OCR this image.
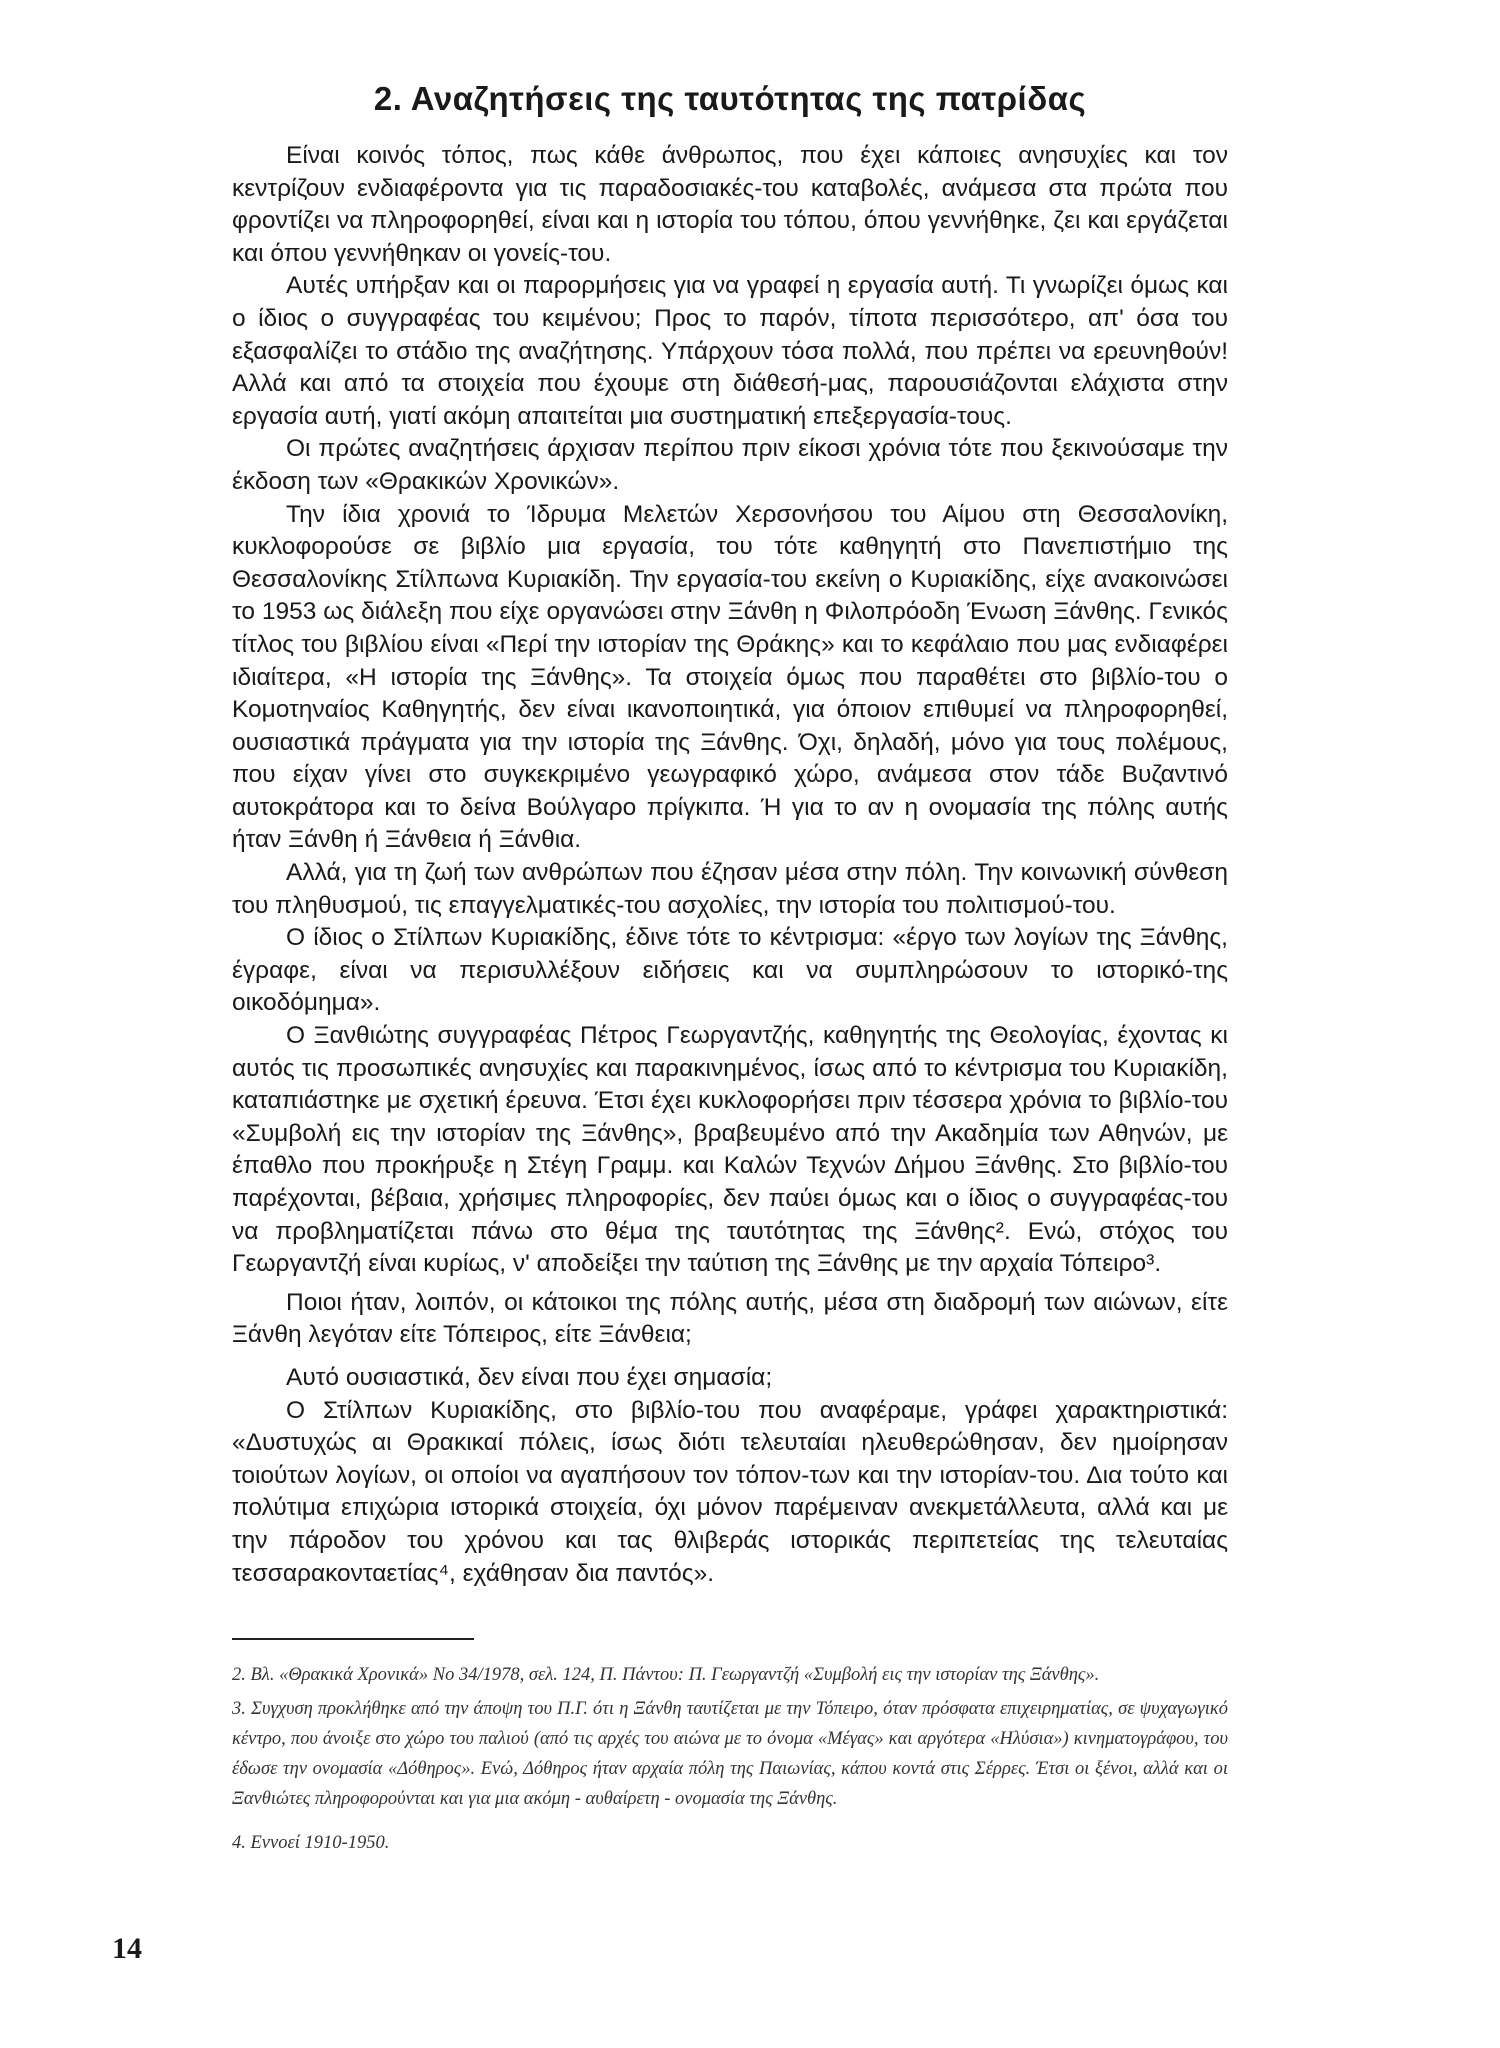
2. Αναζητήσεις της ταυτότητας της πατρίδας

Είναι κοινός τόπος, πως κάθε άνθρωπος, που έχει κάποιες ανησυχίες και τον κεντρίζουν ενδιαφέροντα για τις παραδοσιακές-του καταβολές, ανάμεσα στα πρώτα που φροντίζει να πληροφορηθεί, είναι και η ιστορία του τόπου, όπου γεννήθηκε, ζει και εργάζεται και όπου γεννήθηκαν οι γονείς-του.

Αυτές υπήρξαν και οι παρορμήσεις για να γραφεί η εργασία αυτή. Τι γνωρίζει όμως και ο ίδιος ο συγγραφέας του κειμένου; Προς το παρόν, τίποτα περισσότερο, απ' όσα του εξασφαλίζει το στάδιο της αναζήτησης. Υπάρχουν τόσα πολλά, που πρέπει να ερευνηθούν! Αλλά και από τα στοιχεία που έχουμε στη διάθεσή-μας, παρουσιάζονται ελάχιστα στην εργασία αυτή, γιατί ακόμη απαιτείται μια συστηματική επεξεργασία-τους.

Οι πρώτες αναζητήσεις άρχισαν περίπου πριν είκοσι χρόνια τότε που ξεκινούσαμε την έκδοση των «Θρακικών Χρονικών».

Την ίδια χρονιά το Ίδρυμα Μελετών Χερσονήσου του Αίμου στη Θεσσαλονίκη, κυκλοφορούσε σε βιβλίο μια εργασία, του τότε καθηγητή στο Πανεπιστήμιο της Θεσσαλονίκης Στίλπωνα Κυριακίδη. Την εργασία-του εκείνη ο Κυριακίδης, είχε ανακοινώσει το 1953 ως διάλεξη που είχε οργανώσει στην Ξάνθη η Φιλοπρόοδη Ένωση Ξάνθης. Γενικός τίτλος του βιβλίου είναι «Περί την ιστορίαν της Θράκης» και το κεφάλαιο που μας ενδιαφέρει ιδιαίτερα, «Η ιστορία της Ξάνθης». Τα στοιχεία όμως που παραθέτει στο βιβλίο-του ο Κομοτηναίος Καθηγητής, δεν είναι ικανοποιητικά, για όποιον επιθυμεί να πληροφορηθεί, ουσιαστικά πράγματα για την ιστορία της Ξάνθης. Όχι, δηλαδή, μόνο για τους πολέμους, που είχαν γίνει στο συγκεκριμένο γεωγραφικό χώρο, ανάμεσα στον τάδε Βυζαντινό αυτοκράτορα και το δείνα Βούλγαρο πρίγκιπα. Ή για το αν η ονομασία της πόλης αυτής ήταν Ξάνθη ή Ξάνθεια ή Ξάνθια.

Αλλά, για τη ζωή των ανθρώπων που έζησαν μέσα στην πόλη. Την κοινωνική σύνθεση του πληθυσμού, τις επαγγελματικές-του ασχολίες, την ιστορία του πολιτισμού-του.

Ο ίδιος ο Στίλπων Κυριακίδης, έδινε τότε το κέντρισμα: «έργο των λογίων της Ξάνθης, έγραφε, είναι να περισυλλέξουν ειδήσεις και να συμπληρώσουν το ιστορικό-της οικοδόμημα».

Ο Ξανθιώτης συγγραφέας Πέτρος Γεωργαντζής, καθηγητής της Θεολογίας, έχοντας κι αυτός τις προσωπικές ανησυχίες και παρακινημένος, ίσως από το κέντρισμα του Κυριακίδη, καταπιάστηκε με σχετική έρευνα. Έτσι έχει κυκλοφορήσει πριν τέσσερα χρόνια το βιβλίο-του «Συμβολή εις την ιστορίαν της Ξάνθης», βραβευμένο από την Ακαδημία των Αθηνών, με έπαθλο που προκήρυξε η Στέγη Γραμμ. και Καλών Τεχνών Δήμου Ξάνθης. Στο βιβλίο-του παρέχονται, βέβαια, χρήσιμες πληροφορίες, δεν παύει όμως και ο ίδιος ο συγγραφέας-του να προβληματίζεται πάνω στο θέμα της ταυτότητας της Ξάνθης². Ενώ, στόχος του Γεωργαντζή είναι κυρίως, ν' αποδείξει την ταύτιση της Ξάνθης με την αρχαία Τόπειρο³.

Ποιοι ήταν, λοιπόν, οι κάτοικοι της πόλης αυτής, μέσα στη διαδρομή των αιώνων, είτε Ξάνθη λεγόταν είτε Τόπειρος, είτε Ξάνθεια;

Αυτό ουσιαστικά, δεν είναι που έχει σημασία;

Ο Στίλπων Κυριακίδης, στο βιβλίο-του που αναφέραμε, γράφει χαρακτηριστικά: «Δυστυχώς αι Θρακικαί πόλεις, ίσως διότι τελευταίαι ηλευθερώθησαν, δεν ημοίρησαν τοιούτων λογίων, οι οποίοι να αγαπήσουν τον τόπον-των και την ιστορίαν-του. Δια τούτο και πολύτιμα επιχώρια ιστορικά στοιχεία, όχι μόνον παρέμειναν ανεκμετάλλευτα, αλλά και με την πάροδον του χρόνου και τας θλιβεράς ιστορικάς περιπετείας της τελευταίας τεσσαρακονταετίας⁴, εχάθησαν δια παντός».

2. Βλ. «Θρακικά Χρονικά» Νο 34/1978, σελ. 124, Π. Πάντου: Π. Γεωργαντζή «Συμβολή εις την ιστορίαν της Ξάνθης».

3. Συγχυση προκλήθηκε από την άποψη του Π.Γ. ότι η Ξάνθη ταυτίζεται με την Τόπειρο, όταν πρόσφατα επιχειρηματίας, σε ψυχαγωγικό κέντρο, που άνοιξε στο χώρο του παλιού (από τις αρχές του αιώνα με το όνομα «Μέγας» και αργότερα «Ηλύσια») κινηματογράφου, του έδωσε την ονομασία «Δόθηρος». Ενώ, Δόθηρος ήταν αρχαία πόλη της Παιωνίας, κάπου κοντά στις Σέρρες. Έτσι οι ξένοι, αλλά και οι Ξανθιώτες πληροφορούνται και για μια ακόμη - αυθαίρετη - ονομασία της Ξάνθης.

4. Εννοεί 1910-1950.

14
